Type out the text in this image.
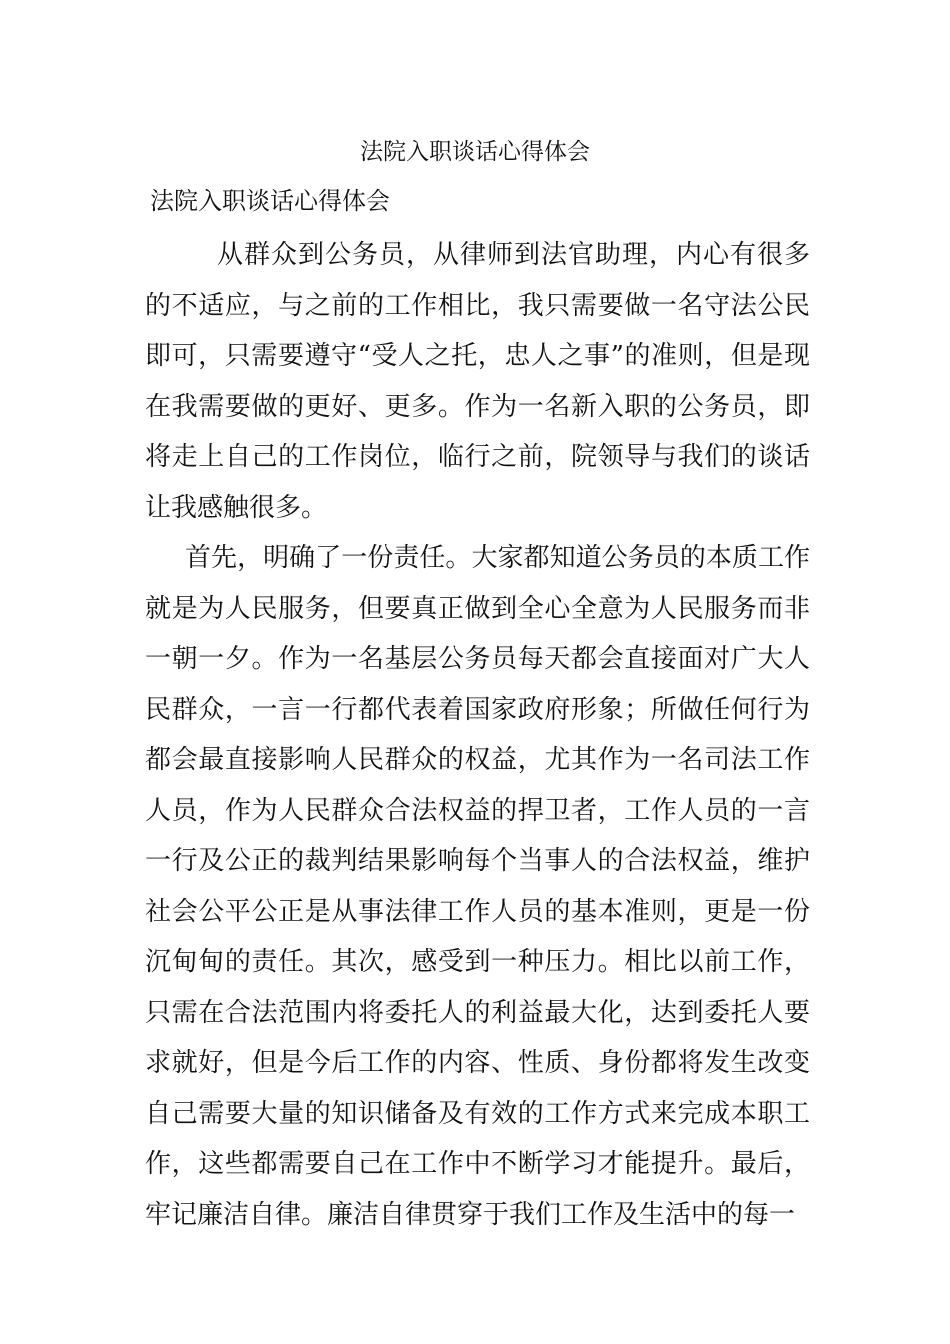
法院入职谈话心得体会
法院入职谈话心得体会

从群众到公务员，从律师到法官助理，内心有很多的不适应，与之前的工作相比，我只需要做一名守法公民即可，只需要遵守“受人之托，忠人之事”的准则，但是现在我需要做的更好、更多。作为一名新入职的公务员，即将走上自己的工作岗位，临行之前，院领导与我们的谈话让我感触很多。

首先，明确了一份责任。大家都知道公务员的本质工作就是为人民服务，但要真正做到全心全意为人民服务而非一朝一夕。作为一名基层公务员每天都会直接面对广大人民群众，一言一行都代表着国家政府形象；所做任何行为都会最直接影响人民群众的权益，尤其作为一名司法工作人员，作为人民群众合法权益的捍卫者，工作人员的一言一行及公正的裁判结果影响每个当事人的合法权益，维护社会公平公正是从事法律工作人员的基本准则，更是一份沉甸甸的责任。其次，感受到一种压力。相比以前工作，只需在合法范围内将委托人的利益最大化，达到委托人要求就好，但是今后工作的内容、性质、身份都将发生改变自己需要大量的知识储备及有效的工作方式来完成本职工作，这些都需要自己在工作中不断学习才能提升。最后，牢记廉洁自律。廉洁自律贯穿于我们工作及生活中的每一
